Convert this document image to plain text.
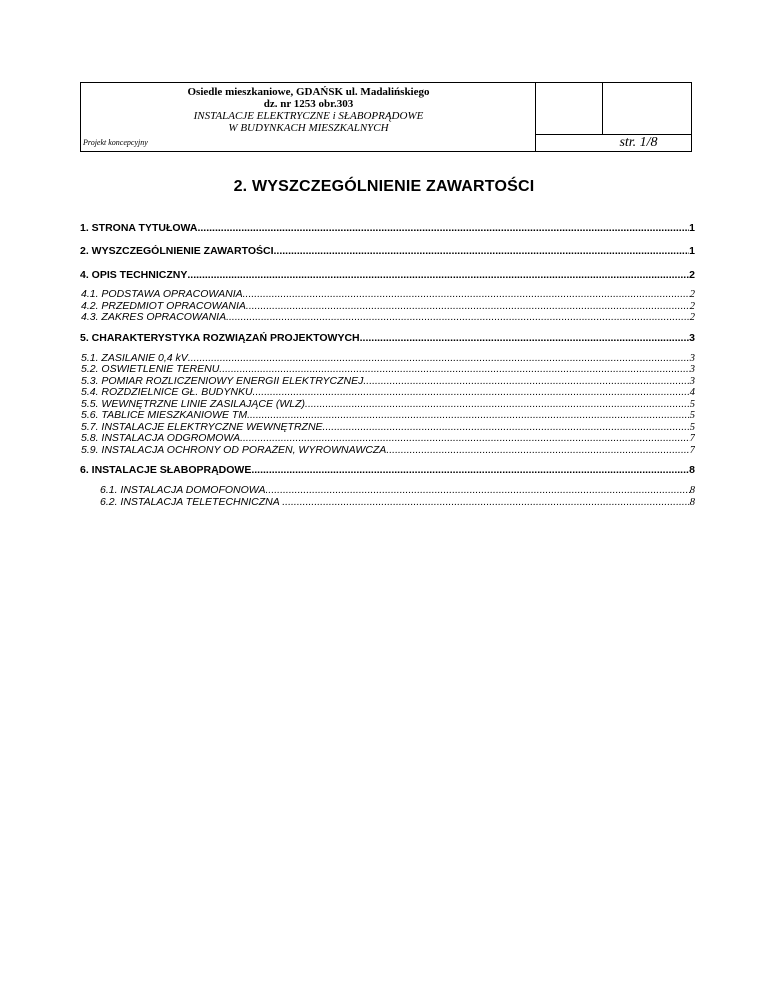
Osiedle mieszkaniowe, GDAŃSK ul. Madalińskiego
dz. nr 1253 obr.303
INSTALACJE ELEKTRYCZNE i SŁABOPRĄDOWE
W BUDYNKACH MIESZKALNYCH
Projekt koncepcyjny	str. 1/8
2. WYSZCZEGÓLNIENIE ZAWARTOŚCI
1. STRONA TYTUŁOWA .....	1
2. WYSZCZEGÓLNIENIE ZAWARTOŚCI .....	1
4. OPIS TECHNICZNY .....	2
4.1. PODSTAWA OPRACOWANIA .....	2
4.2. PRZEDMIOT OPRACOWANIA .....	2
4.3. ZAKRES OPRACOWANIA .....	2
5. CHARAKTERYSTYKA ROZWIĄZAŃ PROJEKTOWYCH. .....	3
5.1. ZASILANIE 0,4 kV .....	3
5.2. OŚWIETLENIE TERENU .....	3
5.3. POMIAR ROZLICZENIOWY ENERGII ELEKTRYCZNEJ .....	3
5.4. ROZDZIELNICE GŁ. BUDYNKU .....	4
5.5. WEWNĘTRZNE LINIE ZASILAJĄCE (WLZ) .....	5
5.6. TABLICE MIESZKANIOWE TM .....	5
5.7. INSTALACJE ELEKTRYCZNE WEWNĘTRZNE. .....	5
5.8. INSTALACJA ODGROMOWA .....	7
5.9. INSTALACJA OCHRONY OD PORAŻEŃ, WYRÓWNAWCZA .....	7
6. INSTALACJE SŁABOPRĄDOWE. .....	8
6.1. INSTALACJA DOMOFONOWA .....	8
6.2. INSTALACJA TELETECHNICZNA . .....	8
